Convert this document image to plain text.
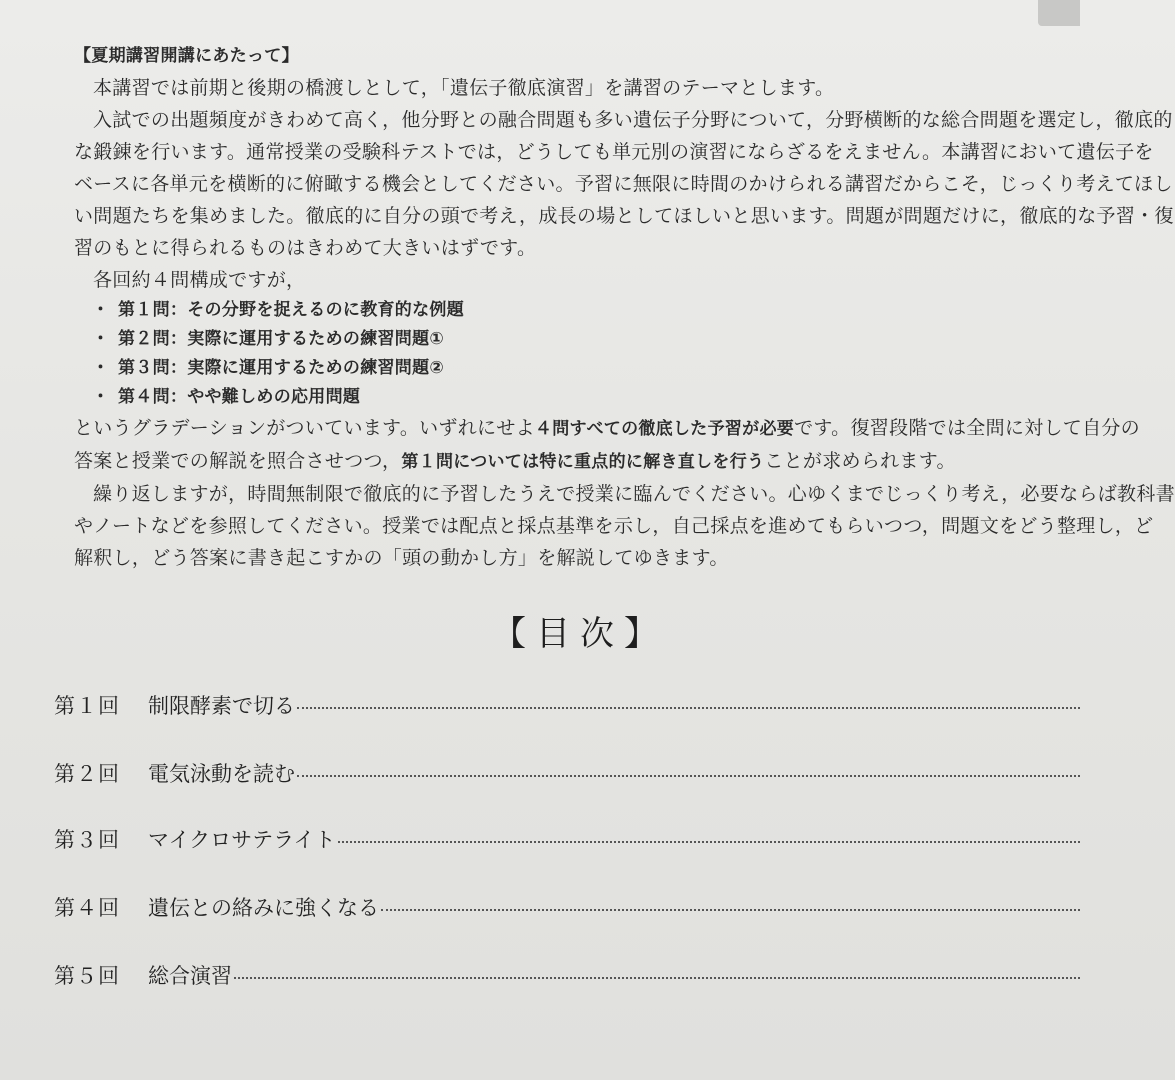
【夏期講習開講にあたって】
本講習では前期と後期の橋渡しとして，「遺伝子徹底演習」を講習のテーマとします。
入試での出題頻度がきわめて高く，他分野との融合問題も多い遺伝子分野について，分野横断的な総合問題を選定し，徹底的
な鍛錬を行います。通常授業の受験科テストでは，どうしても単元別の演習にならざるをえません。本講習において遺伝子を
ベースに各単元を横断的に俯瞰する機会としてください。予習に無限に時間のかけられる講習だからこそ，じっくり考えてほし
い問題たちを集めました。徹底的に自分の頭で考え，成長の場としてほしいと思います。問題が問題だけに，徹底的な予習・復
習のもとに得られるものはきわめて大きいはずです。
各回約４問構成ですが，
・ 第１問：その分野を捉えるのに教育的な例題
・ 第２問：実際に運用するための練習問題①
・ 第３問：実際に運用するための練習問題②
・ 第４問：やや難しめの応用問題
というグラデーションがついています。いずれにせよ４問すべての徹底した予習が必要です。復習段階では全問に対して自分の
答案と授業での解説を照合させつつ，第１問については特に重点的に解き直しを行うことが求められます。
繰り返しますが，時間無制限で徹底的に予習したうえで授業に臨んでください。心ゆくまでじっくり考え，必要ならば教科書
やノートなどを参照してください。授業では配点と採点基準を示し，自己採点を進めてもらいつつ，問題文をどう整理し，ど
解釈し，どう答案に書き起こすかの「頭の動かし方」を解説してゆきます。
【目次】
第１回	制限酵素で切る
第２回	電気泳動を読む
第３回	マイクロサテライト
第４回	遺伝との絡みに強くなる
第５回	総合演習
